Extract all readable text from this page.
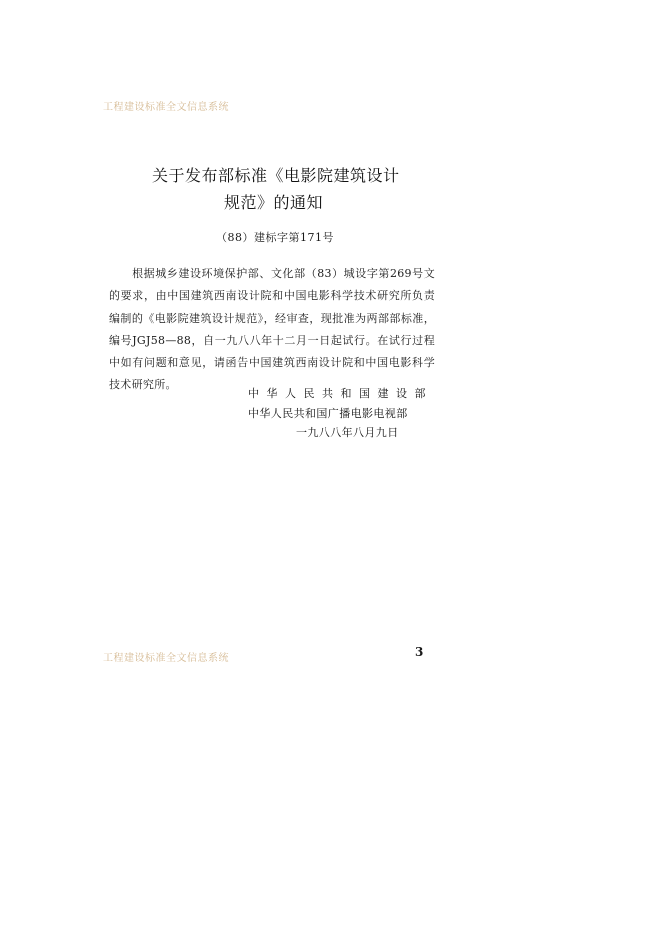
工程建设标准全文信息系统
关于发布部标准《电影院建筑设计
规范》的通知
（88）建标字第171号

根据城乡建设环境保护部、文化部（83）城设字第269号文的要求，由中国建筑西南设计院和中国电影科学技术研究所负责编制的《电影院建筑设计规范》，经审查，现批准为两部部标准，编号JGJ58—88，自一九八八年十二月一日起试行。在试行过程中如有问题和意见，请函告中国建筑西南设计院和中国电影科学技术研究所。

中华人民共和国建设部
中华人民共和国广播电影电视部
一九八八年八月九日
工程建设标准全文信息系统	3
